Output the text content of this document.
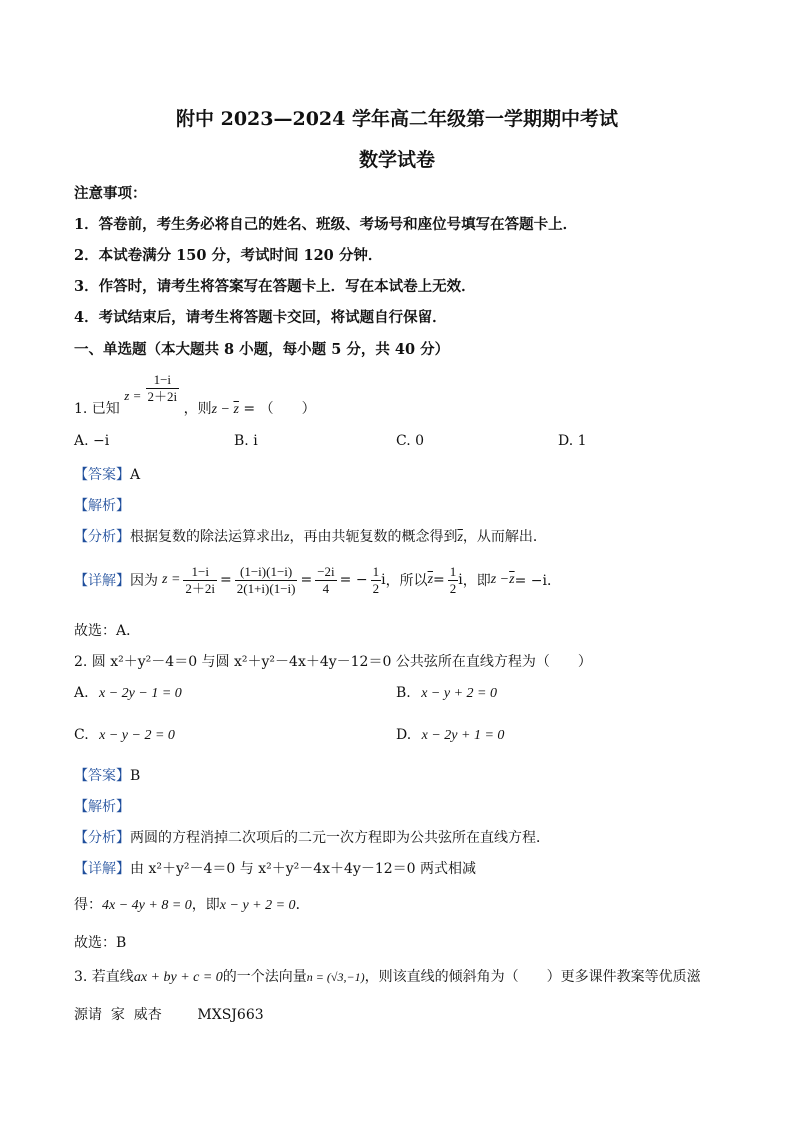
附中 2023—2024 学年高二年级第一学期期中考试
数学试卷
注意事项：
1．答卷前，考生务必将自己的姓名、班级、考场号和座位号填写在答题卡上．
2．本试卷满分 150 分，考试时间 120 分钟．
3．作答时，请考生将答案写在答题卡上．写在本试卷上无效．
4．考试结束后，请考生将答题卡交回，将试题自行保留．
一、单选题（本大题共 8 小题，每小题 5 分，共 40 分）
1. 已知 $z = \frac{1-i}{2+2i}$
，则$z - \overline{z}$ = （　　）
A. −i	B. i	C. 0	D. 1
【答案】A
【解析】
【分析】根据复数的除法运算求出z，再由共轭复数的概念得到$\overline{z}$，从而解出．
【详解】 因为 $z = \frac{1-i}{2+2i} = \frac{(1-i)(1-i)}{2(1+i)(1-i)} = \frac{-2i}{4}$ = − $\frac{1}{2}$ i ，所以 $\overline{z} = \frac{1}{2}$ i ，即 $z - \overline{z} = -i$．
故选：A．
2. 圆 x²＋y²－4＝0 与圆 x²＋y²－4x＋4y－12＝0 公共弦所在直线方程为（　　）
A. x − 2y − 1 = 0	B. x − y + 2 = 0
C. x − y − 2 = 0	D. x − 2y + 1 = 0
【答案】B
【解析】
【分析】两圆的方程消掉二次项后的二元一次方程即为公共弦所在直线方程．
【详解】由 x²＋y²－4＝0 与 x²＋y²－4x＋4y－12＝0 两式相减
得：4x − 4y + 8 = 0，即x − y + 2 = 0．
故选：B
3. 若直线ax + by + c = 0的一个法向量n = (√3,−1)，则该直线的倾斜角为（　　）更多课件教案等优质滋
源请  家  威杏        MXSJ663
